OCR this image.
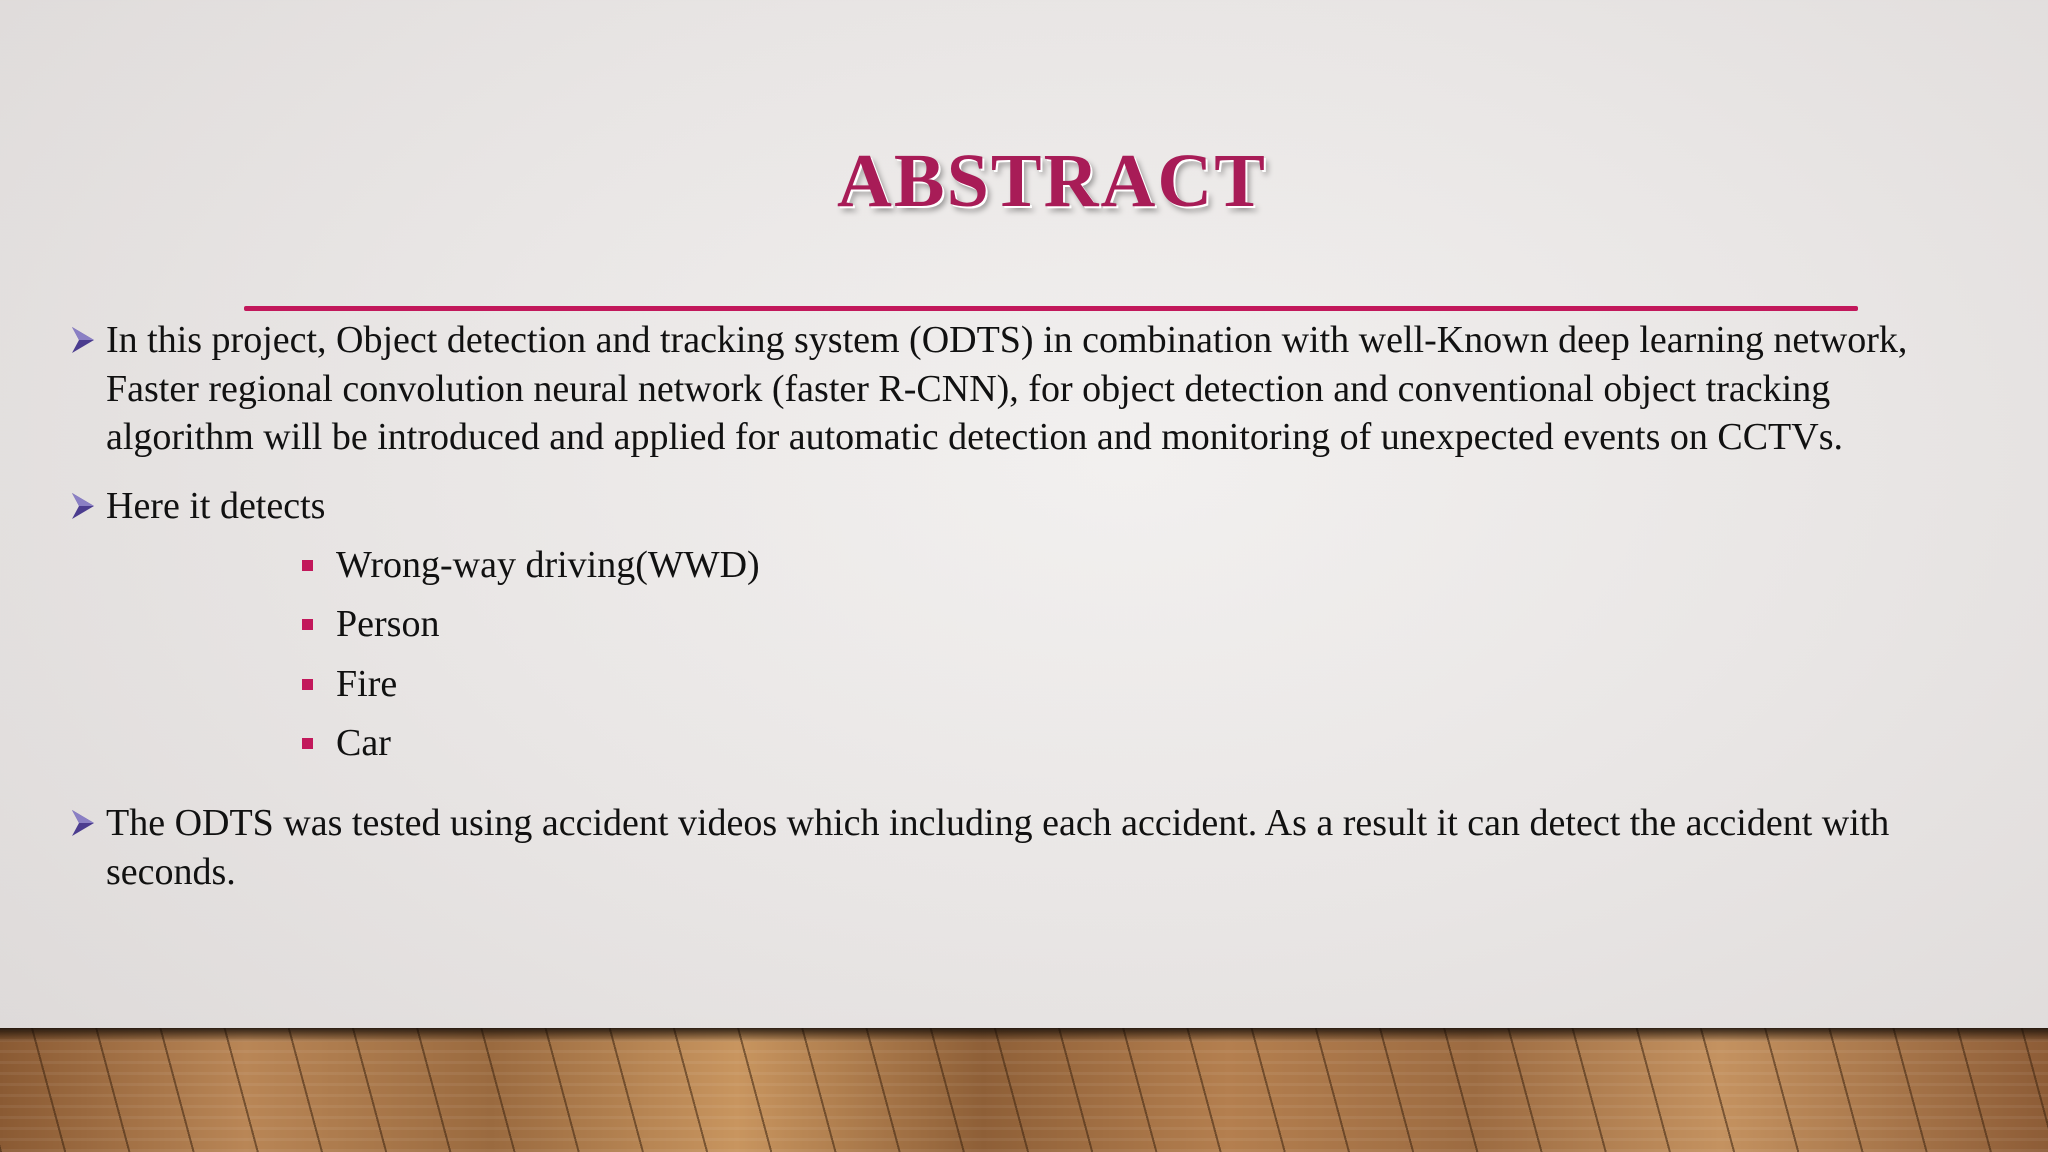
ABSTRACT
In this project, Object detection and tracking system (ODTS) in combination with well-Known deep learning network, Faster regional convolution neural network (faster R-CNN), for object detection and conventional object tracking algorithm will be introduced and applied for automatic detection and monitoring of unexpected events on CCTVs.
Here it detects
Wrong-way driving(WWD)
Person
Fire
Car
The ODTS was tested using accident videos which including each accident. As a result it can detect the accident with seconds.
